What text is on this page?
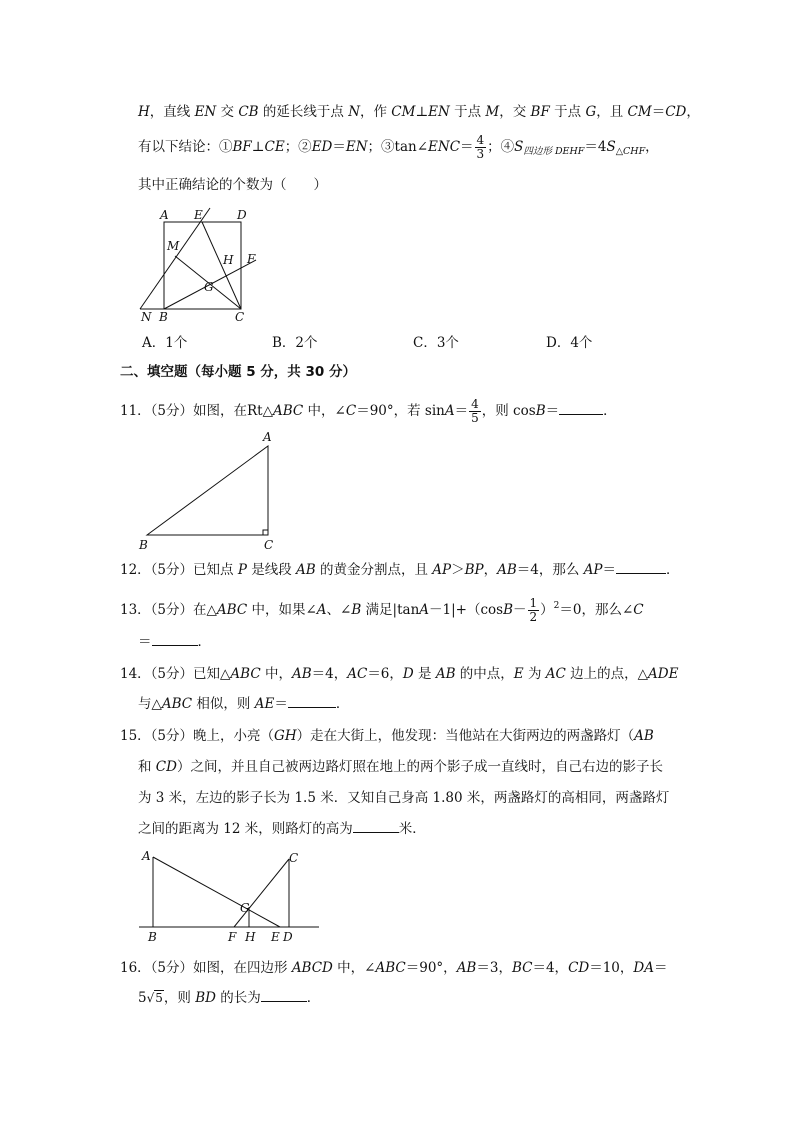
H，直线 EN 交 CB 的延长线于点 N，作 CM⊥EN 于点 M，交 BF 于点 G，且 CM＝CD，
有以下结论：①BF⊥CE；②ED＝EN；③tan∠ENC＝ $\frac{4}{3}$ ；$④S_{四边形 DEHF}=4S_{\triangle CHF}$，
其中正确结论的个数为（　　）
A E	D
M
H F
G
N B	C
A．1个	B．2个	C．3个	D．4个
二、填空题（每小题 5 分，共 30 分）
11．（5分）如图，在Rt△ABC 中，∠C＝90°，若 $\sin A= \frac{4}{5}$ ，则 cosB＝	．
A
B	C
12．（5分）已知点 P 是线段 AB 的黄金分割点，且 AP＞BP，AB＝4，那么 AP＝	．
13．（5分）在△ABC 中，如果∠A、∠B 满足$|\tan A-1|+(\cos B- \frac{1}{2} )^2=0$，那么∠C
＝	．
14．（5分）已知△ABC 中，AB＝4，AC＝6，D 是 AB 的中点，E 为 AC 边上的点，△ADE
与△ABC 相似，则 AE＝	．
15．（5分）晚上，小亮（GH）走在大街上，他发现：当他站在大街两边的两盏路灯（AB
和 CD）之间，并且自己被两边路灯照在地上的两个影子成一直线时，自己右边的影子长
为 3 米，左边的影子长为 1.5 米．又知自己身高 1.80 米，两盏路灯的高相同，两盏路灯
之间的距离为 12 米，则路灯的高为	米．
A
B
C
D
E
F
G
H
16．（5分）如图，在四边形 ABCD 中，∠ABC＝90°，AB＝3，BC＝4，CD＝10，DA＝
5√5，则 BD 的长为	．
